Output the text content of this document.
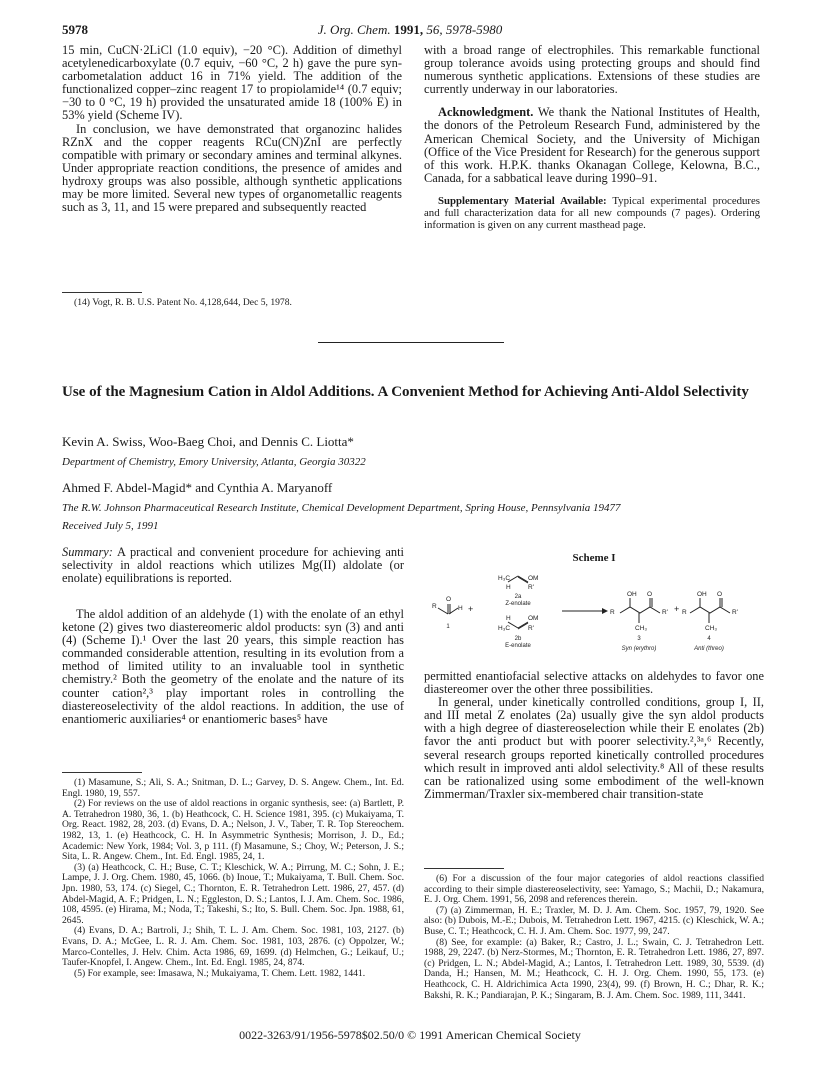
5978	J. Org. Chem. 1991, 56, 5978-5980

15 min, CuCN·2LiCl (1.0 equiv), −20 °C). Addition of dimethyl acetylenedicarboxylate (0.7 equiv, −60 °C, 2 h) gave the pure syn-carbometalation adduct 16 in 71% yield. The addition of the functionalized copper–zinc reagent 17 to propiolamide¹⁴ (0.7 equiv; −30 to 0 °C, 19 h) provided the unsaturated amide 18 (100% E) in 53% yield (Scheme IV).

In conclusion, we have demonstrated that organozinc halides RZnX and the copper reagents RCu(CN)ZnI are perfectly compatible with primary or secondary amines and terminal alkynes. Under appropriate reaction conditions, the presence of amides and hydroxy groups was also possible, although synthetic applications may be more limited. Several new types of organometallic reagents such as 3, 11, and 15 were prepared and subsequently reacted

(14) Vogt, R. B. U.S. Patent No. 4,128,644, Dec 5, 1978.

with a broad range of electrophiles. This remarkable functional group tolerance avoids using protecting groups and should find numerous synthetic applications. Extensions of these studies are currently underway in our laboratories.

Acknowledgment. We thank the National Institutes of Health, the donors of the Petroleum Research Fund, administered by the American Chemical Society, and the University of Michigan (Office of the Vice President for Research) for the generous support of this work. H.P.K. thanks Okanagan College, Kelowna, B.C., Canada, for a sabbatical leave during 1990–91.

Supplementary Material Available: Typical experimental procedures and full characterization data for all new compounds (7 pages). Ordering information is given on any current masthead page.

Use of the Magnesium Cation in Aldol Additions. A Convenient Method for Achieving Anti-Aldol Selectivity
Kevin A. Swiss, Woo-Baeg Choi, and Dennis C. Liotta*
Department of Chemistry, Emory University, Atlanta, Georgia 30322
Ahmed F. Abdel-Magid* and Cynthia A. Maryanoff
The R.W. Johnson Pharmaceutical Research Institute, Chemical Development Department, Spring House, Pennsylvania 19477
Received July 5, 1991
Summary: A practical and convenient procedure for achieving anti selectivity in aldol reactions which utilizes Mg(II) aldolate (or enolate) equilibrations is reported.

The aldol addition of an aldehyde (1) with the enolate of an ethyl ketone (2) gives two diastereomeric aldol products: syn (3) and anti (4) (Scheme I).¹ Over the last 20 years, this simple reaction has commanded considerable attention, resulting in its evolution from a method of limited utility to an invaluable tool in synthetic chemistry.² Both the geometry of the enolate and the nature of its counter cation²,³ play important roles in controlling the diastereoselectivity of the aldol reactions. In addition, the use of enantiomeric auxiliaries⁴ or enantiomeric bases⁵ have

(1) Masamune, S.; Ali, S. A.; Snitman, D. L.; Garvey, D. S. Angew. Chem., Int. Ed. Engl. 1980, 19, 557.

(2) For reviews on the use of aldol reactions in organic synthesis, see: (a) Bartlett, P. A. Tetrahedron 1980, 36, 1. (b) Heathcock, C. H. Science 1981, 395. (c) Mukaiyama, T. Org. React. 1982, 28, 203. (d) Evans, D. A.; Nelson, J. V., Taber, T. R. Top Stereochem. 1982, 13, 1. (e) Heathcock, C. H. In Asymmetric Synthesis; Morrison, J. D., Ed.; Academic: New York, 1984; Vol. 3, p 111. (f) Masamune, S.; Choy, W.; Peterson, J. S.; Sita, L. R. Angew. Chem., Int. Ed. Engl. 1985, 24, 1.

(3) (a) Heathcock, C. H.; Buse, C. T.; Kleschick, W. A.; Pirrung, M. C.; Sohn, J. E.; Lampe, J. J. Org. Chem. 1980, 45, 1066. (b) Inoue, T.; Mukaiyama, T. Bull. Chem. Soc. Jpn. 1980, 53, 174. (c) Siegel, C.; Thornton, E. R. Tetrahedron Lett. 1986, 27, 457. (d) Abdel-Magid, A. F.; Pridgen, L. N.; Eggleston, D. S.; Lantos, I. J. Am. Chem. Soc. 1986, 108, 4595. (e) Hirama, M.; Noda, T.; Takeshi, S.; Ito, S. Bull. Chem. Soc. Jpn. 1988, 61, 2645.

(4) Evans, D. A.; Bartroli, J.; Shih, T. L. J. Am. Chem. Soc. 1981, 103, 2127. (b) Evans, D. A.; McGee, L. R. J. Am. Chem. Soc. 1981, 103, 2876. (c) Oppolzer, W.; Marco-Contelles, J. Helv. Chim. Acta 1986, 69, 1699. (d) Helmchen, G.; Leikauf, U.; Taufer-Knopfel, I. Angew. Chem., Int. Ed. Engl. 1985, 24, 874.

(5) For example, see: Imasawa, N.; Mukaiyama, T. Chem. Lett. 1982, 1441.

Scheme I
O
R	H +
H₃C	OM
H	R'
H	OM
H₃C	R'
R
OH O
R'
CH₃
+ R
OH O
R'
CH₃
2a
Z-enolate
2b
E-enolate
1
3	4
Syn (erythro)	Anti (threo)

permitted enantiofacial selective attacks on aldehydes to favor one diastereomer over the other three possibilities.

In general, under kinetically controlled conditions, group I, II, and III metal Z enolates (2a) usually give the syn aldol products with a high degree of diastereoselection while their E enolates (2b) favor the anti product but with poorer selectivity.²,³ᵃ,⁶ Recently, several research groups reported kinetically controlled procedures which result in improved anti aldol selectivity.⁸ All of these results can be rationalized using some embodiment of the well-known Zimmerman/Traxler six-membered chair transition-state

(6) For a discussion of the four major categories of aldol reactions classified according to their simple diastereoselectivity, see: Yamago, S.; Machii, D.; Nakamura, E. J. Org. Chem. 1991, 56, 2098 and references therein.

(7) (a) Zimmerman, H. E.; Traxler, M. D. J. Am. Chem. Soc. 1957, 79, 1920. See also: (b) Dubois, M.-E.; Dubois, M. Tetrahedron Lett. 1967, 4215. (c) Kleschick, W. A.; Buse, C. T.; Heathcock, C. H. J. Am. Chem. Soc. 1977, 99, 247.

(8) See, for example: (a) Baker, R.; Castro, J. L.; Swain, C. J. Tetrahedron Lett. 1988, 29, 2247. (b) Nerz-Stormes, M.; Thornton, E. R. Tetrahedron Lett. 1986, 27, 897. (c) Pridgen, L. N.; Abdel-Magid, A.; Lantos, I. Tetrahedron Lett. 1989, 30, 5539. (d) Danda, H.; Hansen, M. M.; Heathcock, C. H. J. Org. Chem. 1990, 55, 173. (e) Heathcock, C. H. Aldrichimica Acta 1990, 23(4), 99. (f) Brown, H. C.; Dhar, R. K.; Bakshi, R. K.; Pandiarajan, P. K.; Singaram, B. J. Am. Chem. Soc. 1989, 111, 3441.

0022-3263/91/1956-5978$02.50/0 © 1991 American Chemical Society
